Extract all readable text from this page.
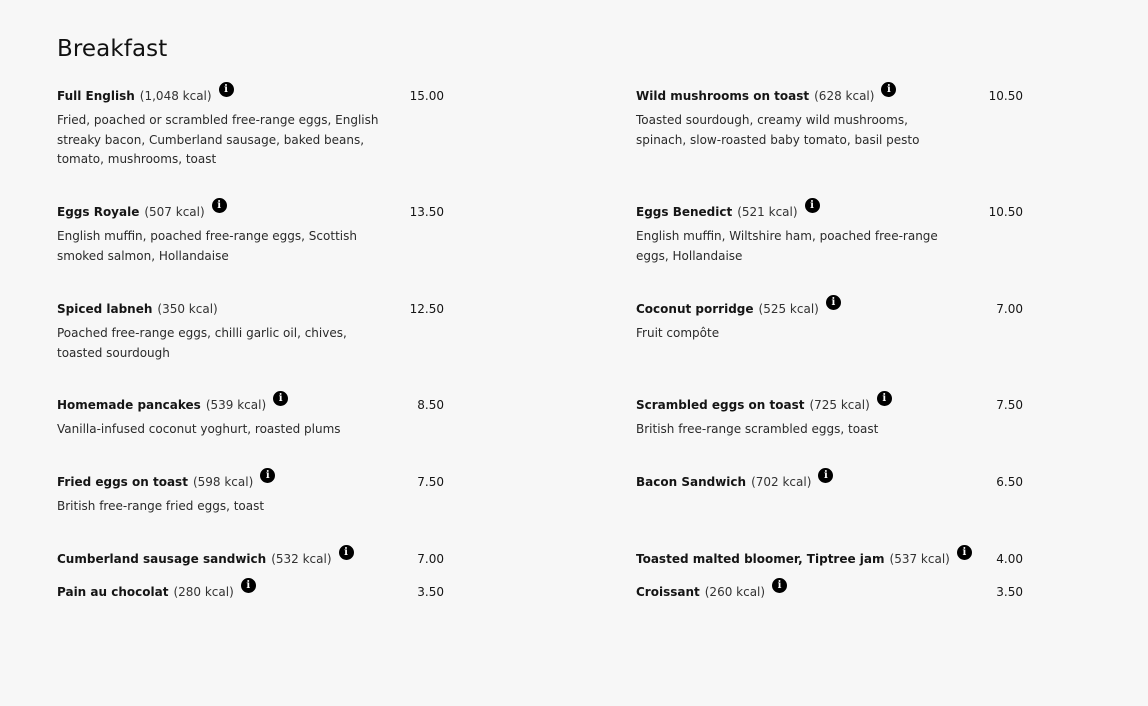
Breakfast
Full English (1,048 kcal)	i	15.00
Fried, poached or scrambled free-range eggs, English streaky bacon, Cumberland sausage, baked beans, tomato, mushrooms, toast
Wild mushrooms on toast (628 kcal)	i	10.50
Toasted sourdough, creamy wild mushrooms, spinach, slow-roasted baby tomato, basil pesto
Eggs Royale (507 kcal)	i	13.50
English muffin, poached free-range eggs, Scottish smoked salmon, Hollandaise
Eggs Benedict (521 kcal)	i	10.50
English muffin, Wiltshire ham, poached free-range eggs, Hollandaise
Spiced labneh (350 kcal)	12.50
Poached free-range eggs, chilli garlic oil, chives, toasted sourdough
Coconut porridge (525 kcal)	i	7.00
Fruit compôte
Homemade pancakes (539 kcal)	i	8.50
Vanilla-infused coconut yoghurt, roasted plums
Scrambled eggs on toast (725 kcal)	i	7.50
British free-range scrambled eggs, toast
Fried eggs on toast (598 kcal)	i	7.50
British free-range fried eggs, toast
Bacon Sandwich (702 kcal)	i	6.50
Cumberland sausage sandwich (532 kcal)	i	7.00	Toasted malted bloomer, Tiptree jam (537 kcal)	i	4.00
Pain au chocolat (280 kcal)	i	3.50	Croissant (260 kcal)	i	3.50
